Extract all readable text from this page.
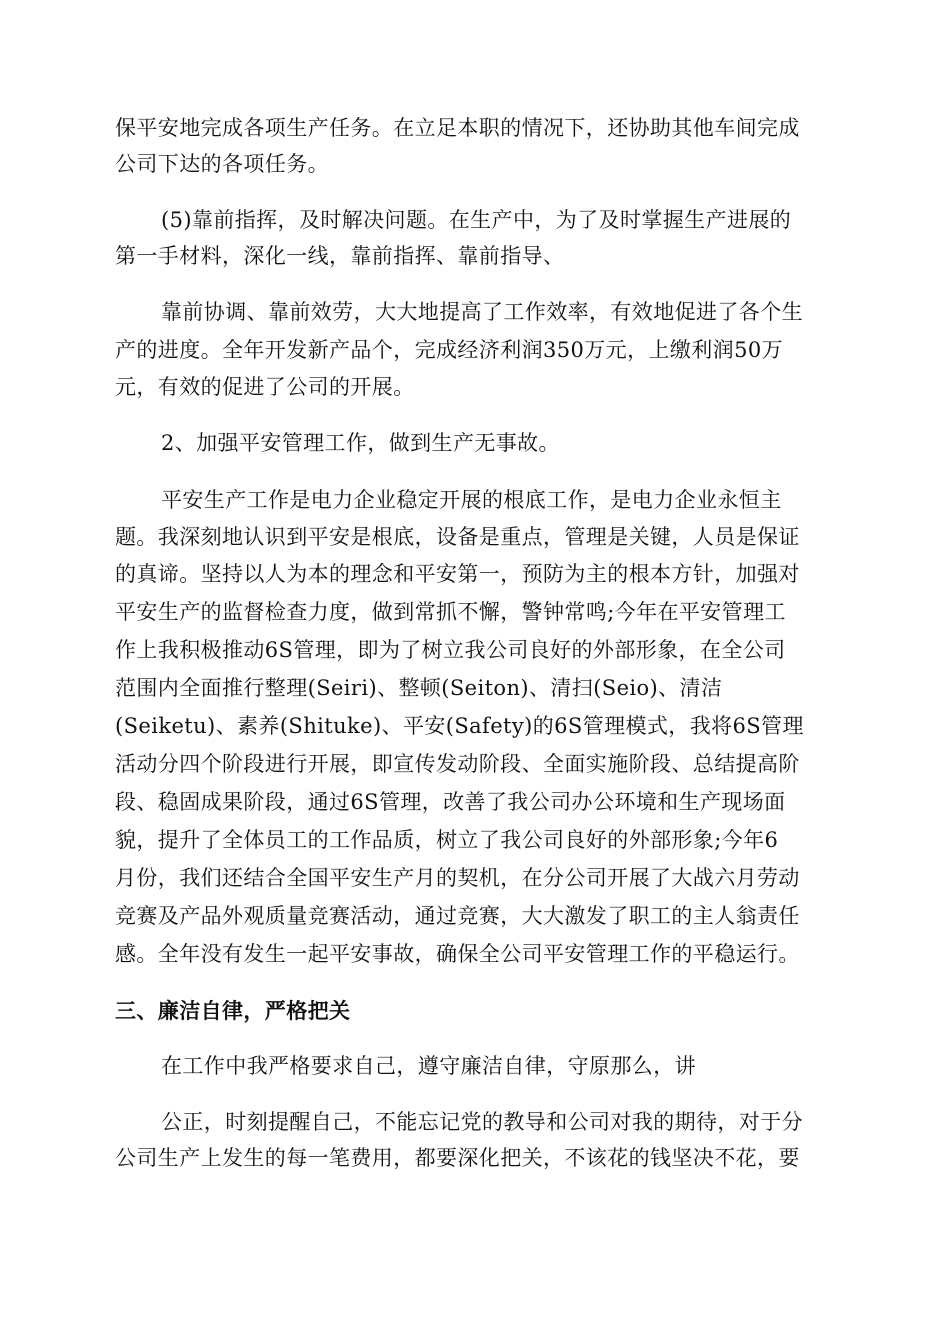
保平安地完成各项生产任务。在立足本职的情况下，还协助其他车间完成
公司下达的各项任务。
(5)靠前指挥，及时解决问题。在生产中，为了及时掌握生产进展的
第一手材料，深化一线，靠前指挥、靠前指导、
靠前协调、靠前效劳，大大地提高了工作效率，有效地促进了各个生
产的进度。全年开发新产品个，完成经济利润350万元，上缴利润50万
元，有效的促进了公司的开展。
2、加强平安管理工作，做到生产无事故。
平安生产工作是电力企业稳定开展的根底工作，是电力企业永恒主
题。我深刻地认识到平安是根底，设备是重点，管理是关键，人员是保证
的真谛。坚持以人为本的理念和平安第一，预防为主的根本方针，加强对
平安生产的监督检查力度，做到常抓不懈，警钟常鸣;今年在平安管理工
作上我积极推动6S管理，即为了树立我公司良好的外部形象，在全公司
范围内全面推行整理(Seiri)、整顿(Seiton)、清扫(Seio)、清洁
(Seiketu)、素养(Shituke)、平安(Safety)的6S管理模式，我将6S管理
活动分四个阶段进行开展，即宣传发动阶段、全面实施阶段、总结提高阶
段、稳固成果阶段，通过6S管理，改善了我公司办公环境和生产现场面
貌，提升了全体员工的工作品质，树立了我公司良好的外部形象;今年6
月份，我们还结合全国平安生产月的契机，在分公司开展了大战六月劳动
竞赛及产品外观质量竞赛活动，通过竞赛，大大激发了职工的主人翁责任
感。全年没有发生一起平安事故，确保全公司平安管理工作的平稳运行。
三、廉洁自律，严格把关
在工作中我严格要求自己，遵守廉洁自律，守原那么，讲
公正，时刻提醒自己，不能忘记党的教导和公司对我的期待，对于分
公司生产上发生的每一笔费用，都要深化把关，不该花的钱坚决不花，要
